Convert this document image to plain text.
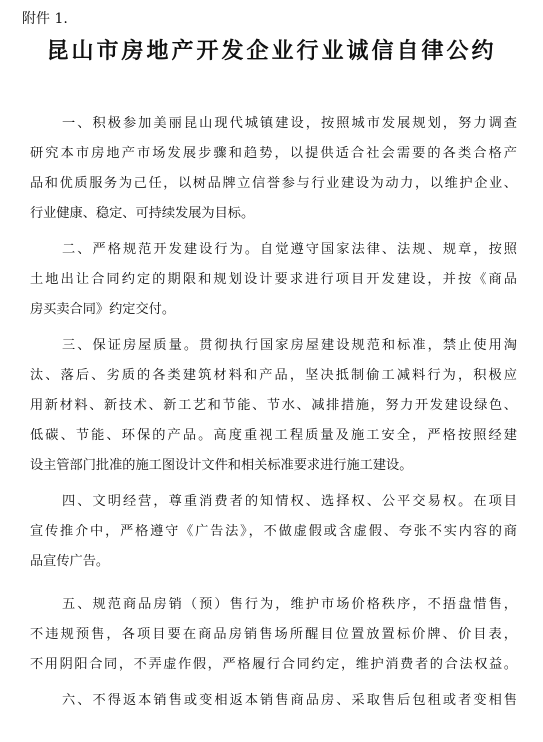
附件 1.
昆山市房地产开发企业行业诚信自律公约
一、积极参加美丽昆山现代城镇建设，按照城市发展规划，努力调查
研究本市房地产市场发展步骤和趋势，以提供适合社会需要的各类合格产
品和优质服务为己任，以树品牌立信誉参与行业建设为动力，以维护企业、
行业健康、稳定、可持续发展为目标。
二、严格规范开发建设行为。自觉遵守国家法律、法规、规章，按照
土地出让合同约定的期限和规划设计要求进行项目开发建设，并按《商品
房买卖合同》约定交付。
三、保证房屋质量。贯彻执行国家房屋建设规范和标准，禁止使用淘
汰、落后、劣质的各类建筑材料和产品，坚决抵制偷工减料行为，积极应
用新材料、新技术、新工艺和节能、节水、减排措施，努力开发建设绿色、
低碳、节能、环保的产品。高度重视工程质量及施工安全，严格按照经建
设主管部门批准的施工图设计文件和相关标准要求进行施工建设。
四、文明经营，尊重消费者的知情权、选择权、公平交易权。在项目
宣传推介中，严格遵守《广告法》，不做虚假或含虚假、夸张不实内容的商
品宣传广告。
五、规范商品房销（预）售行为，维护市场价格秩序，不捂盘惜售，
不违规预售，各项目要在商品房销售场所醒目位置放置标价牌、价目表，
不用阴阳合同，不弄虚作假，严格履行合同约定，维护消费者的合法权益。
六、不得返本销售或变相返本销售商品房、采取售后包租或者变相售
